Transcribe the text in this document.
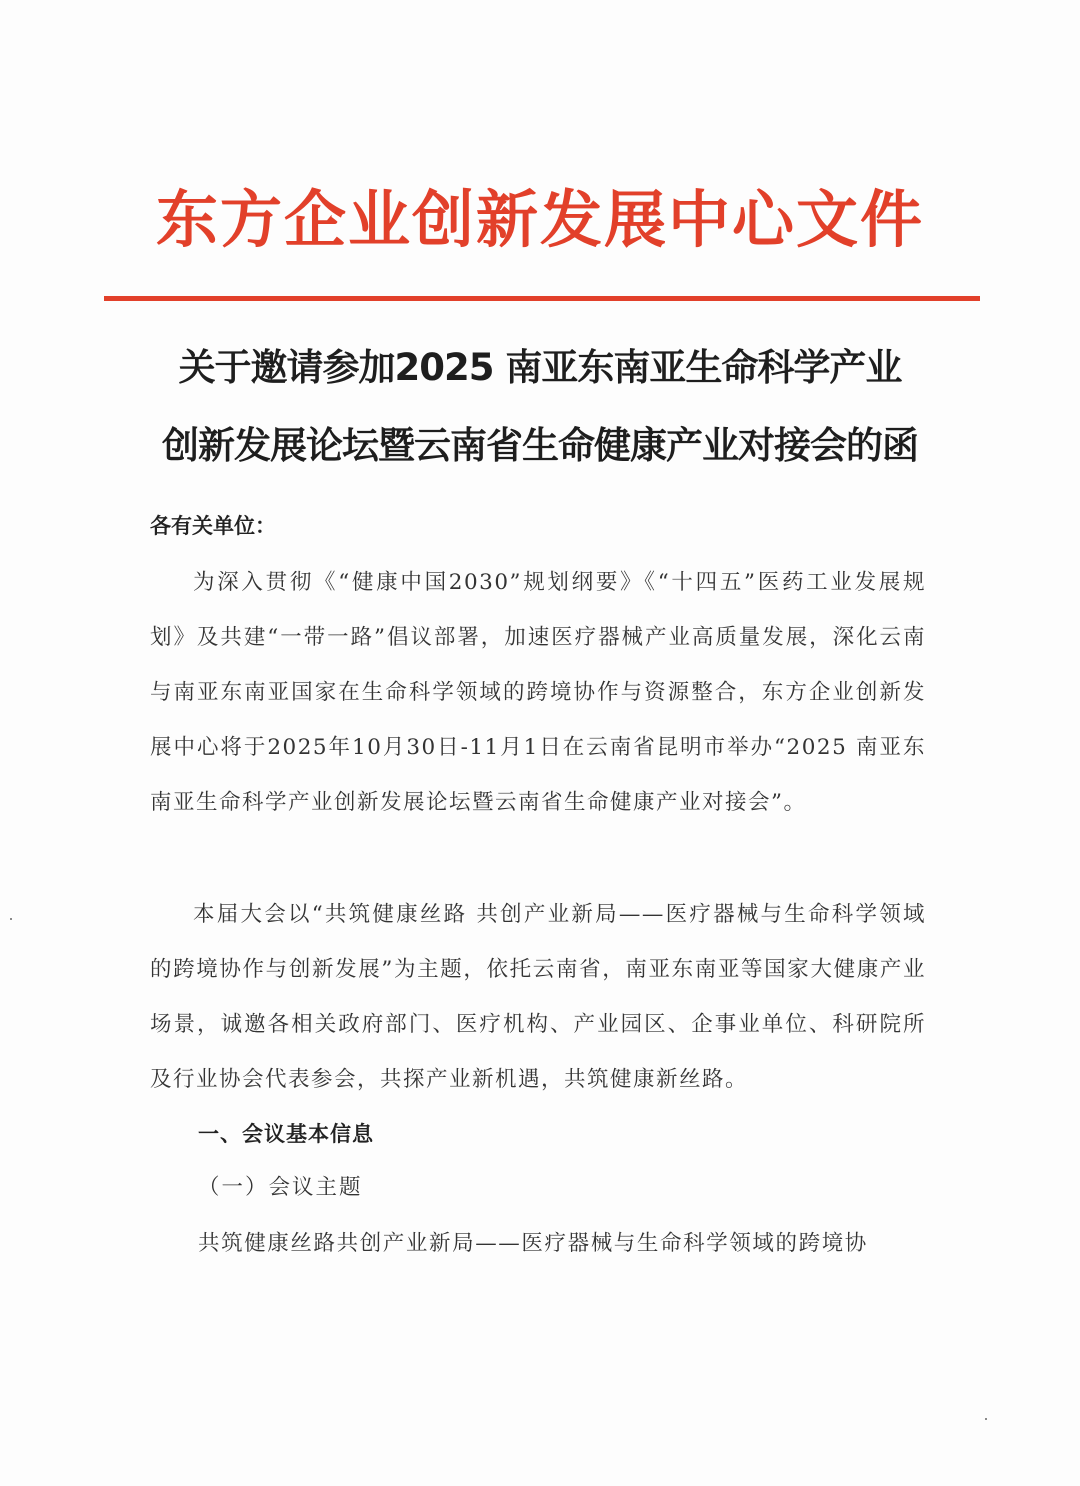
东方企业创新发展中心文件
关于邀请参加2025 南亚东南亚生命科学产业
创新发展论坛暨云南省生命健康产业对接会的函
各有关单位：

为深入贯彻《“健康中国2030”规划纲要》《“十四五”医药工业发展规划》及共建“一带一路”倡议部署，加速医疗器械产业高质量发展，深化云南与南亚东南亚国家在生命科学领域的跨境协作与资源整合，东方企业创新发展中心将于2025年10月30日-11月1日在云南省昆明市举办“2025 南亚东南亚生命科学产业创新发展论坛暨云南省生命健康产业对接会”。

本届大会以“共筑健康丝路 共创产业新局——医疗器械与生命科学领域的跨境协作与创新发展”为主题，依托云南省，南亚东南亚等国家大健康产业场景，诚邀各相关政府部门、医疗机构、产业园区、企事业单位、科研院所及行业协会代表参会，共探产业新机遇，共筑健康新丝路。

一、会议基本信息
（一）会议主题
共筑健康丝路共创产业新局——医疗器械与生命科学领域的跨境协
